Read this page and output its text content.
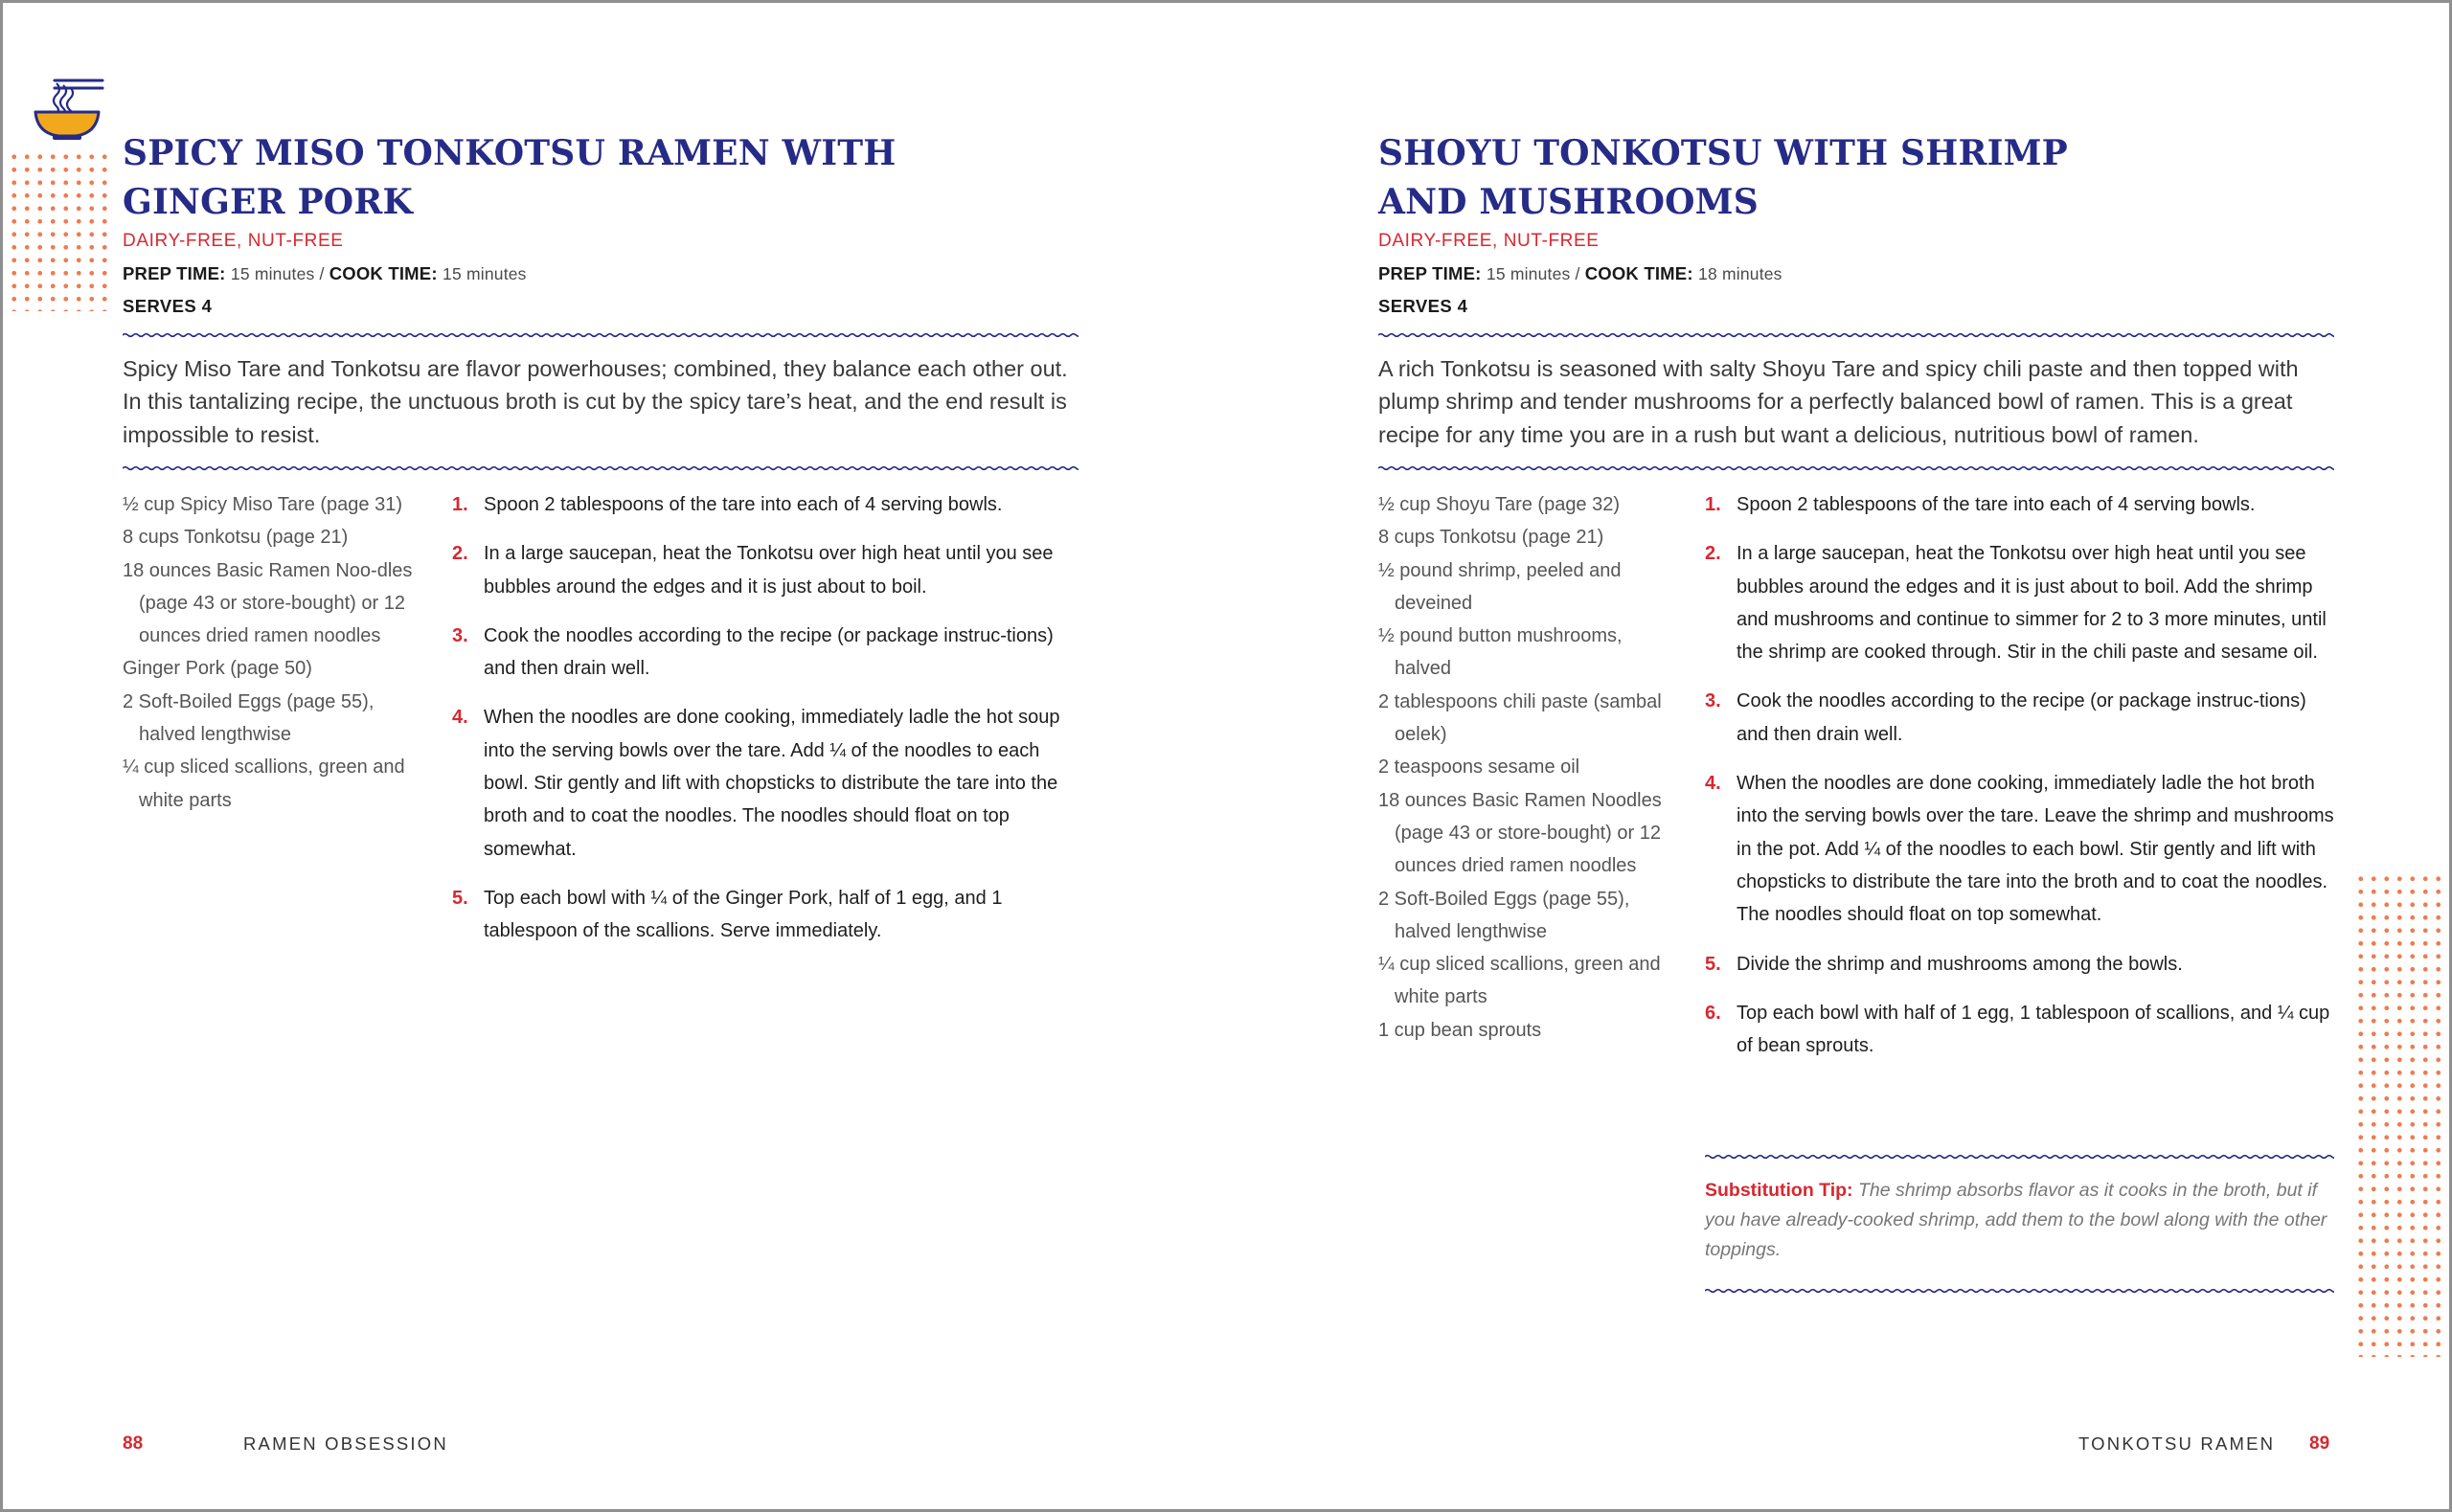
SPICY MISO TONKOTSU RAMEN WITH
GINGER PORK
DAIRY-FREE, NUT-FREE
PREP TIME: 15 minutes / COOK TIME: 15 minutes
SERVES 4

Spicy Miso Tare and Tonkotsu are flavor powerhouses; combined, they balance each other out. In this tantalizing recipe, the unctuous broth is cut by the spicy tare’s heat, and the end result is impossible to resist.

½ cup Spicy Miso Tare (page 31)
8 cups Tonkotsu (page 21)
18 ounces Basic Ramen Noo-dles (page 43 or store-bought) or 12 ounces dried ramen noodles
Ginger Pork (page 50)
2 Soft-Boiled Eggs (page 55), halved lengthwise
¼ cup sliced scallions, green and white parts
1. Spoon 2 tablespoons of the tare into each of 4 serving bowls.
2. In a large saucepan, heat the Tonkotsu over high heat until you see bubbles around the edges and it is just about to boil.
3. Cook the noodles according to the recipe (or package instruc-tions) and then drain well.
4. When the noodles are done cooking, immediately ladle the hot soup into the serving bowls over the tare. Add ¼ of the noodles to each bowl. Stir gently and lift with chopsticks to distribute the tare into the broth and to coat the noodles. The noodles should float on top somewhat.
5. Top each bowl with ¼ of the Ginger Pork, half of 1 egg, and 1 tablespoon of the scallions. Serve immediately.
88	RAMEN OBSESSION
SHOYU TONKOTSU WITH SHRIMP
AND MUSHROOMS
DAIRY-FREE, NUT-FREE
PREP TIME: 15 minutes / COOK TIME: 18 minutes
SERVES 4

A rich Tonkotsu is seasoned with salty Shoyu Tare and spicy chili paste and then topped with plump shrimp and tender mushrooms for a perfectly balanced bowl of ramen. This is a great recipe for any time you are in a rush but want a delicious, nutritious bowl of ramen.

½ cup Shoyu Tare (page 32)
8 cups Tonkotsu (page 21)
½ pound shrimp, peeled and deveined
½ pound button mushrooms, halved
2 tablespoons chili paste (sambal oelek)
2 teaspoons sesame oil
18 ounces Basic Ramen Noodles (page 43 or store-bought) or 12 ounces dried ramen noodles
2 Soft-Boiled Eggs (page 55), halved lengthwise
¼ cup sliced scallions, green and white parts
1 cup bean sprouts
1. Spoon 2 tablespoons of the tare into each of 4 serving bowls.
2. In a large saucepan, heat the Tonkotsu over high heat until you see bubbles around the edges and it is just about to boil. Add the shrimp and mushrooms and continue to simmer for 2 to 3 more minutes, until the shrimp are cooked through. Stir in the chili paste and sesame oil.
3. Cook the noodles according to the recipe (or package instruc-tions) and then drain well.
4. When the noodles are done cooking, immediately ladle the hot broth into the serving bowls over the tare. Leave the shrimp and mushrooms in the pot. Add ¼ of the noodles to each bowl. Stir gently and lift with chopsticks to distribute the tare into the broth and to coat the noodles. The noodles should float on top somewhat.
5. Divide the shrimp and mushrooms among the bowls.
6. Top each bowl with half of 1 egg, 1 tablespoon of scallions, and ¼ cup of bean sprouts.

Substitution Tip: The shrimp absorbs flavor as it cooks in the broth, but if you have already-cooked shrimp, add them to the bowl along with the other toppings.

TONKOTSU RAMEN 89
